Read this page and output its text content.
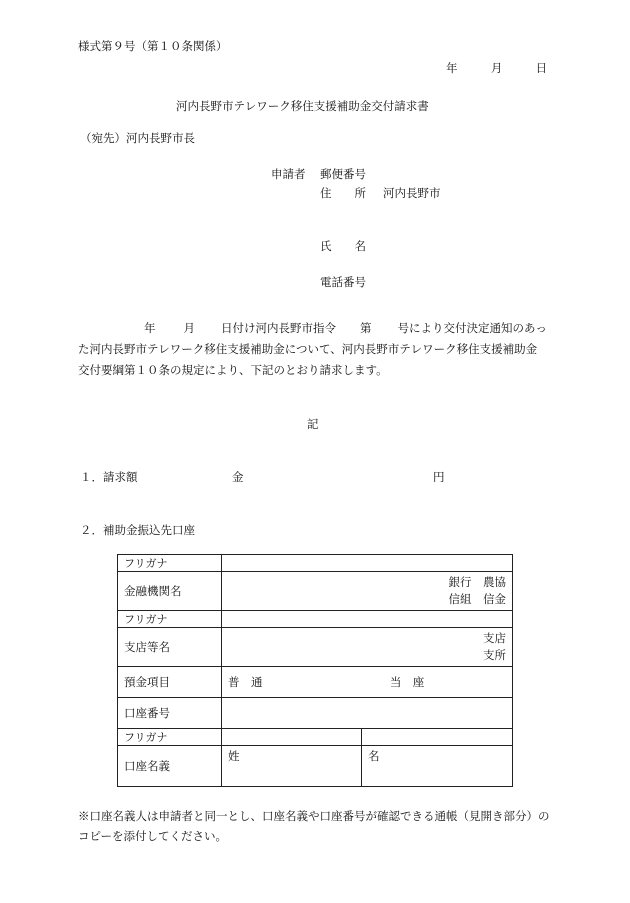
様式第９号（第１０条関係）
年	月	日
河内長野市テレワーク移住支援補助金交付請求書
（宛先）河内長野市長
申請者 郵便番号
住　　所 河内長野市
氏　　名
電話番号
年 月 日付け河内長野市指令 第 号により交付決定通知のあった河内長野市テレワーク移住支援補助金について、河内長野市テレワーク移住支援補助金交付要綱第１０条の規定により、下記のとおり請求します。
記
１．請求額	金	円
２．補助金振込先口座
フリガナ		
金融機関名	銀行　農協
信組　信金	

フリガナ		
支店等名	支店
支所	

預金項目	普　通 当　座	
口座番号		
フリガナ		
口座名義	姓	名
※口座名義人は申請者と同一とし、口座名義や口座番号が確認できる通帳（見開き部分）のコピーを添付してください。
